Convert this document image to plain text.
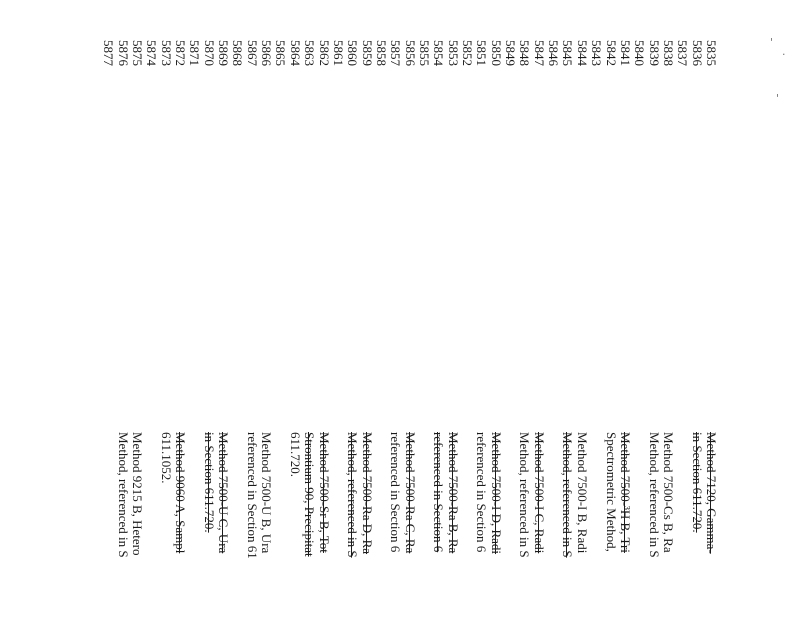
5835
Method 7120, Gamma-
5836
in Section 611.720.
5837
5838
Method 7500-Cs B, Ra
5839
Method, referenced in S
5840
5841
Method 7500-³H B, Tri
5842
Spectrometric Method,
5843
5844
Method 7500-I B, Radi
5845
Method, referenced in S
5846
5847
Method 7500-I C, Radi
5848
Method, referenced in S
5849
5850
Method 7500-I D, Radi
5851
referenced in Section 6
5852
5853
Method 7500-Ra B, Ra
5854
referenced in Section 6
5855
5856
Method 7500-Ra C, Ra
5857
referenced in Section 6
5858
5859
Method 7500-Ra D, Ra
5860
Method, referenced in S
5861
5862
Method 7500-Sr B, Tot
5863
Strontium 90, Precipitat
5864
611.720.
5865
5866
Method 7500-U B, Ura
5867
referenced in Section 61
5868
5869
Method 7500-U C, Ura
5870
in Section 611.720.
5871
5872
Method 9060 A, Sampl
5873
611.1052.
5874
5875
Method 9215 B, Hetero
5876
Method, referenced in S
5877	'
·
'
